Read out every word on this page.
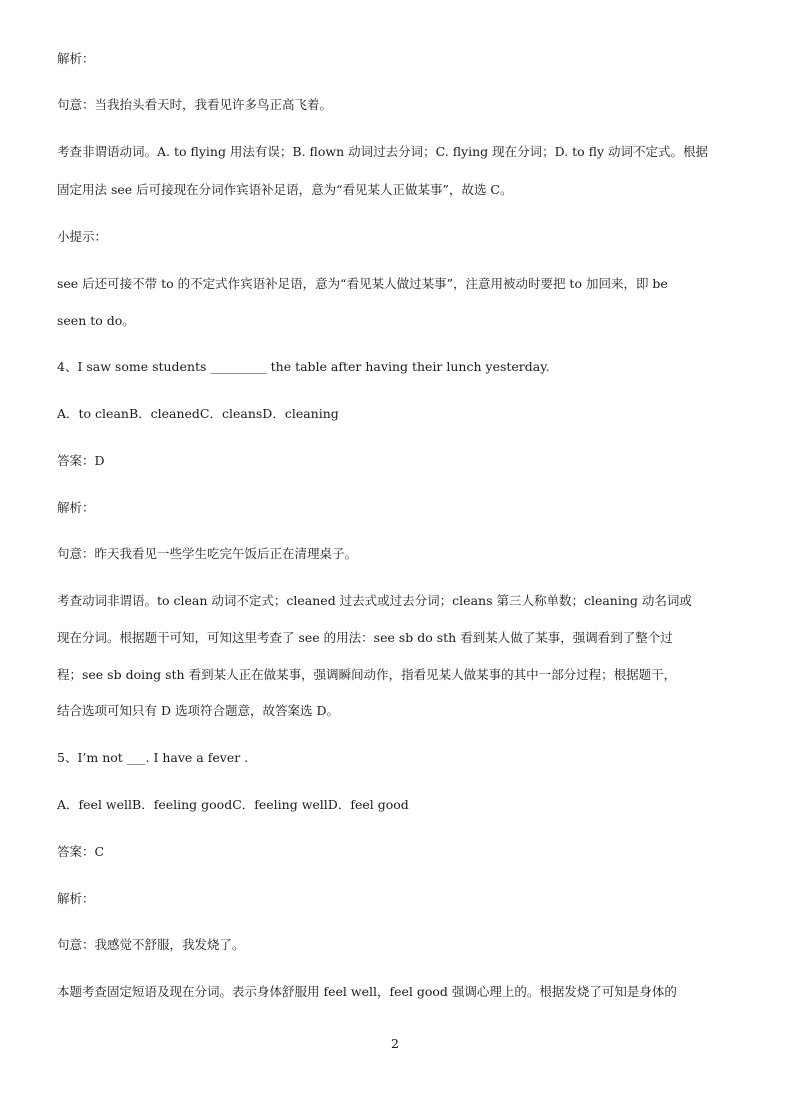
解析：
句意：当我抬头看天时，我看见许多鸟正高飞着。
考查非谓语动词。A. to flying 用法有误；B. flown 动词过去分词；C. flying 现在分词；D. to fly 动词不定式。根据
固定用法 see 后可接现在分词作宾语补足语，意为“看见某人正做某事”，故选 C。
小提示：
see 后还可接不带 to 的不定式作宾语补足语，意为“看见某人做过某事”，注意用被动时要把 to 加回来，即 be
seen to do。
4、I saw some students _________ the table after having their lunch yesterday.
A．to cleanB．cleanedC．cleansD．cleaning
答案：D
解析：
句意：昨天我看见一些学生吃完午饭后正在清理桌子。
考查动词非谓语。to clean 动词不定式；cleaned 过去式或过去分词；cleans 第三人称单数；cleaning 动名词或
现在分词。根据题干可知，可知这里考查了 see 的用法：see sb do sth 看到某人做了某事，强调看到了整个过
程；see sb doing sth 看到某人正在做某事，强调瞬间动作，指看见某人做某事的其中一部分过程；根据题干，
结合选项可知只有 D 选项符合题意，故答案选 D。
5、I’m not ___. I have a fever .
A．feel wellB．feeling goodC．feeling wellD．feel good
答案：C
解析：
句意：我感觉不舒服，我发烧了。
本题考查固定短语及现在分词。表示身体舒服用 feel well，feel good 强调心理上的。根据发烧了可知是身体的
2
